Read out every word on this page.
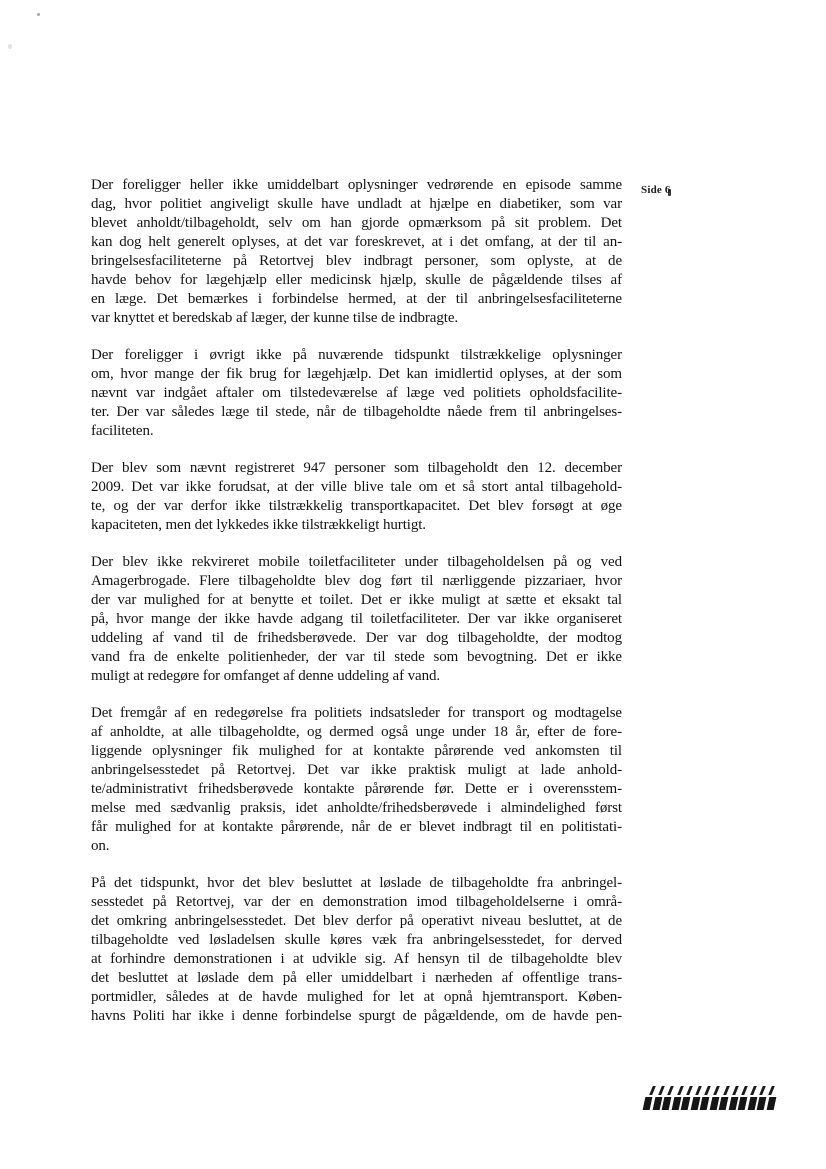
Side 6
Der foreligger heller ikke umiddelbart oplysninger vedrørende en episode samme
dag, hvor politiet angiveligt skulle have undladt at hjælpe en diabetiker, som var
blevet anholdt/tilbageholdt, selv om han gjorde opmærksom på sit problem. Det
kan dog helt generelt oplyses, at det var foreskrevet, at i det omfang, at der til an-
bringelsesfaciliteterne på Retortvej blev indbragt personer, som oplyste, at de
havde behov for lægehjælp eller medicinsk hjælp, skulle de pågældende tilses af
en læge. Det bemærkes i forbindelse hermed, at der til anbringelsesfaciliteterne
var knyttet et beredskab af læger, der kunne tilse de indbragte.
Der foreligger i øvrigt ikke på nuværende tidspunkt tilstrækkelige oplysninger
om, hvor mange der fik brug for lægehjælp. Det kan imidlertid oplyses, at der som
nævnt var indgået aftaler om tilstedeværelse af læge ved politiets opholdsfacilite-
ter. Der var således læge til stede, når de tilbageholdte nåede frem til anbringelses-
faciliteten.
Der blev som nævnt registreret 947 personer som tilbageholdt den 12. december
2009. Det var ikke forudsat, at der ville blive tale om et så stort antal tilbagehold-
te, og der var derfor ikke tilstrækkelig transportkapacitet. Det blev forsøgt at øge
kapaciteten, men det lykkedes ikke tilstrækkeligt hurtigt.
Der blev ikke rekvireret mobile toiletfaciliteter under tilbageholdelsen på og ved
Amagerbrogade. Flere tilbageholdte blev dog ført til nærliggende pizzariaer, hvor
der var mulighed for at benytte et toilet. Det er ikke muligt at sætte et eksakt tal
på, hvor mange der ikke havde adgang til toiletfaciliteter. Der var ikke organiseret
uddeling af vand til de frihedsberøvede. Der var dog tilbageholdte, der modtog
vand fra de enkelte politienheder, der var til stede som bevogtning. Det er ikke
muligt at redegøre for omfanget af denne uddeling af vand.
Det fremgår af en redegørelse fra politiets indsatsleder for transport og modtagelse
af anholdte, at alle tilbageholdte, og dermed også unge under 18 år, efter de fore-
liggende oplysninger fik mulighed for at kontakte pårørende ved ankomsten til
anbringelsesstedet på Retortvej. Det var ikke praktisk muligt at lade anhold-
te/administrativt frihedsberøvede kontakte pårørende før. Dette er i overensstem-
melse med sædvanlig praksis, idet anholdte/frihedsberøvede i almindelighed først
får mulighed for at kontakte pårørende, når de er blevet indbragt til en politistati-
on.
På det tidspunkt, hvor det blev besluttet at løslade de tilbageholdte fra anbringel-
sesstedet på Retortvej, var der en demonstration imod tilbageholdelserne i områ-
det omkring anbringelsesstedet. Det blev derfor på operativt niveau besluttet, at de
tilbageholdte ved løsladelsen skulle køres væk fra anbringelsesstedet, for derved
at forhindre demonstrationen i at udvikle sig. Af hensyn til de tilbageholdte blev
det besluttet at løslade dem på eller umiddelbart i nærheden af offentlige trans-
portmidler, således at de havde mulighed for let at opnå hjemtransport. Køben-
havns Politi har ikke i denne forbindelse spurgt de pågældende, om de havde pen-
